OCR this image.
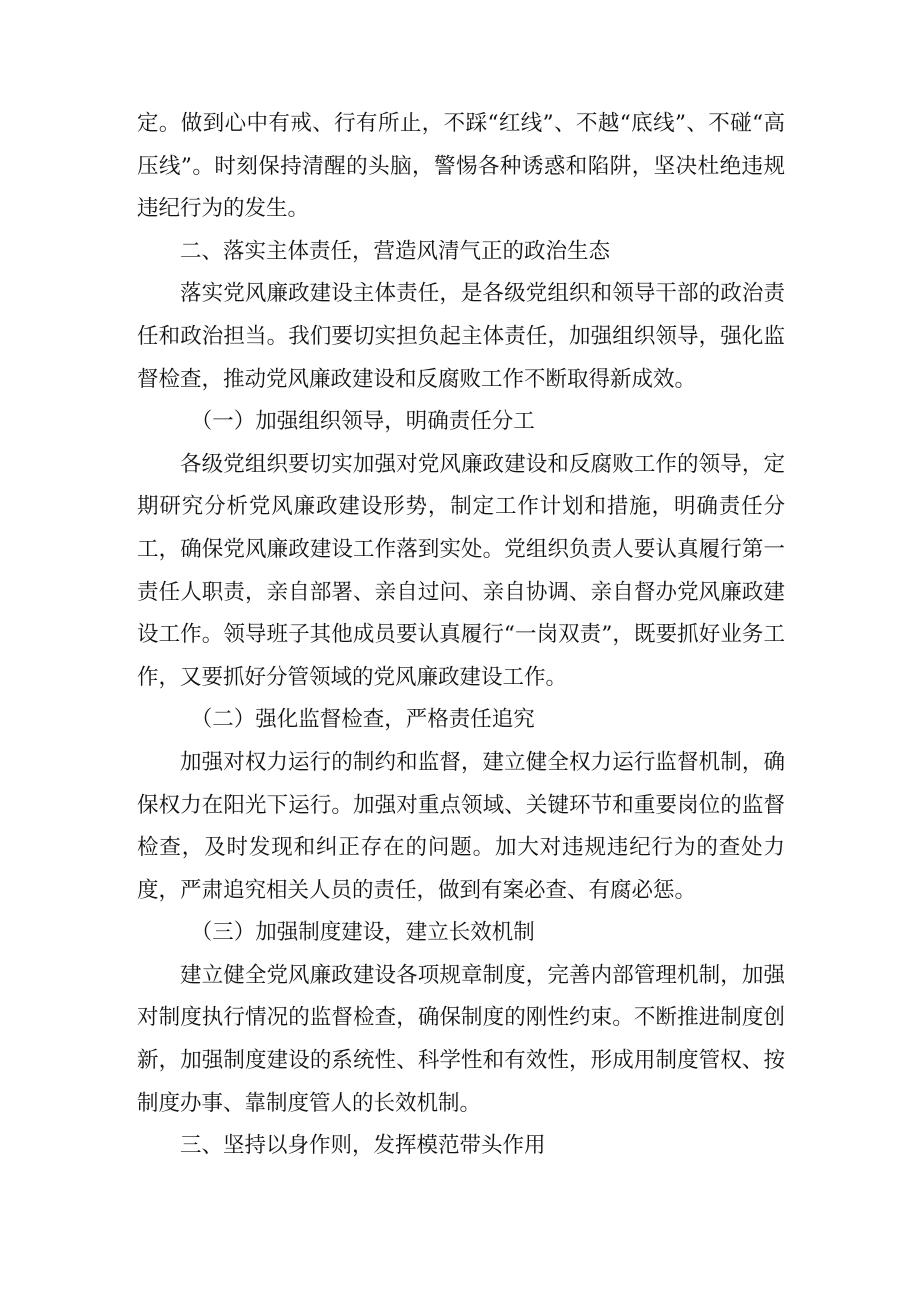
定。做到心中有戒、行有所止，不踩“红线”、不越“底线”、不碰“高压线”。时刻保持清醒的头脑，警惕各种诱惑和陷阱，坚决杜绝违规违纪行为的发生。

二、落实主体责任，营造风清气正的政治生态

落实党风廉政建设主体责任，是各级党组织和领导干部的政治责任和政治担当。我们要切实担负起主体责任，加强组织领导，强化监督检查，推动党风廉政建设和反腐败工作不断取得新成效。

（一）加强组织领导，明确责任分工

各级党组织要切实加强对党风廉政建设和反腐败工作的领导，定期研究分析党风廉政建设形势，制定工作计划和措施，明确责任分工，确保党风廉政建设工作落到实处。党组织负责人要认真履行第一责任人职责，亲自部署、亲自过问、亲自协调、亲自督办党风廉政建设工作。领导班子其他成员要认真履行“一岗双责”，既要抓好业务工作，又要抓好分管领域的党风廉政建设工作。

（二）强化监督检查，严格责任追究

加强对权力运行的制约和监督，建立健全权力运行监督机制，确保权力在阳光下运行。加强对重点领域、关键环节和重要岗位的监督检查，及时发现和纠正存在的问题。加大对违规违纪行为的查处力度，严肃追究相关人员的责任，做到有案必查、有腐必惩。

（三）加强制度建设，建立长效机制

建立健全党风廉政建设各项规章制度，完善内部管理机制，加强对制度执行情况的监督检查，确保制度的刚性约束。不断推进制度创新，加强制度建设的系统性、科学性和有效性，形成用制度管权、按制度办事、靠制度管人的长效机制。

三、坚持以身作则，发挥模范带头作用
